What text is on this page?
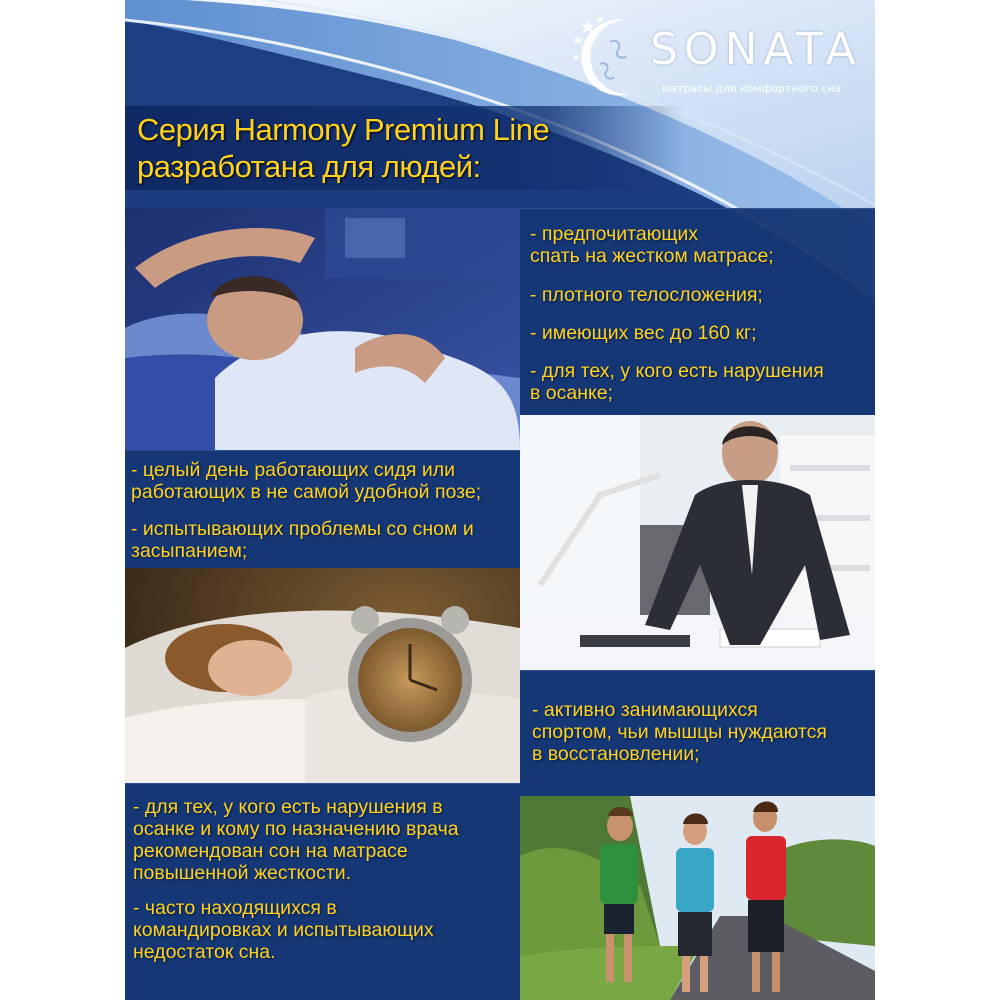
SONATA
матрасы для комфортного сна
Серия Harmony Premium Line
разработана для людей:
- предпочитающих
спать на жестком матрасе;
- плотного телосложения;
- имеющих вес до 160 кг;
- для тех, у кого есть нарушения
в осанке;
- целый день работающих сидя или
работающих в не самой удобной позе;
- испытывающих проблемы со сном и
засыпанием;
- активно занимающихся
спортом, чьи мышцы нуждаются
в восстановлении;
- для тех, у кого есть нарушения в
осанке и кому по назначению врача
рекомендован сон на матрасе
повышенной жесткости.
- часто находящихся в
командировках и испытывающих
недостаток сна.
